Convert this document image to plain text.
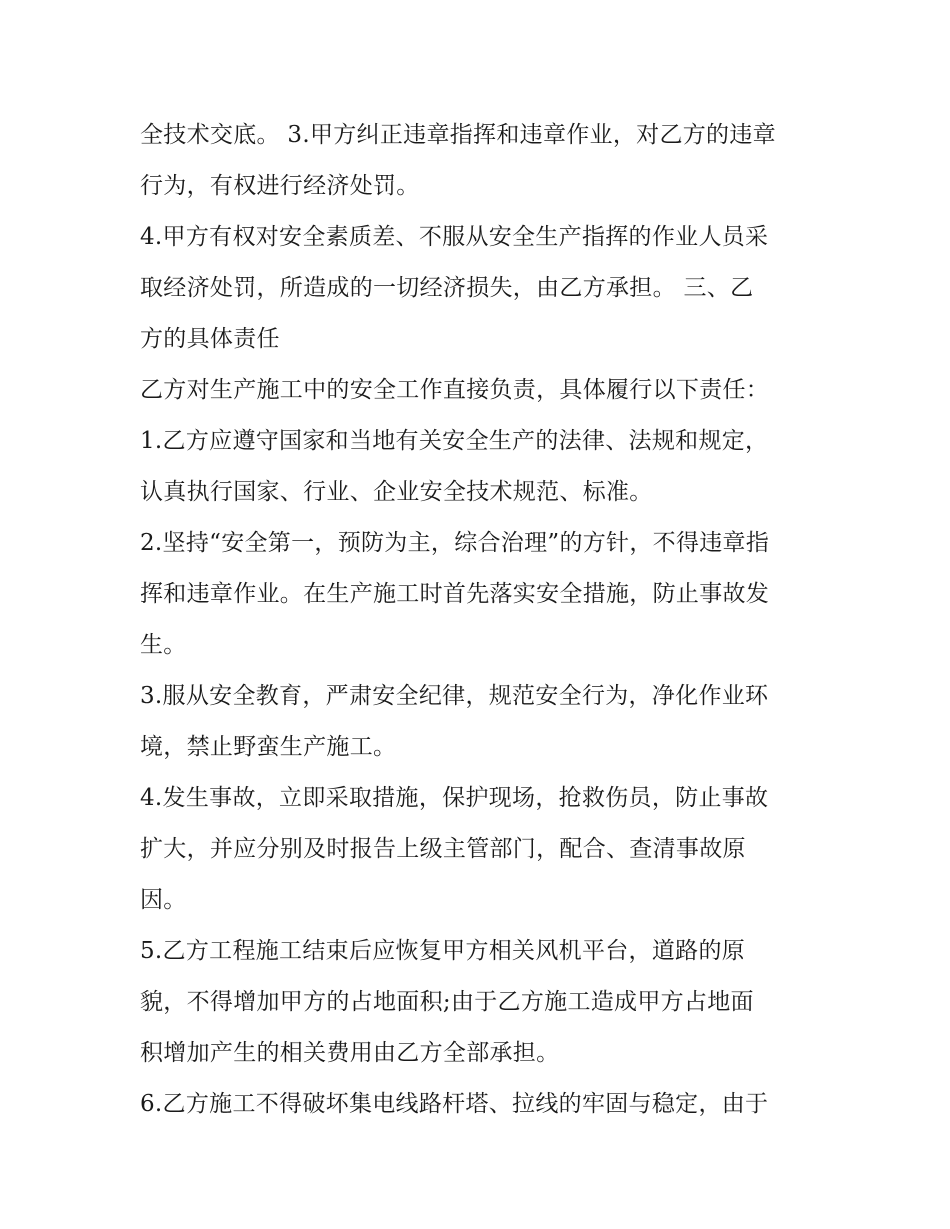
全技术交底。 3.甲方纠正违章指挥和违章作业，对乙方的违章
行为，有权进行经济处罚。
4.甲方有权对安全素质差、不服从安全生产指挥的作业人员采
取经济处罚，所造成的一切经济损失，由乙方承担。 三、乙
方的具体责任
乙方对生产施工中的安全工作直接负责，具体履行以下责任：
1.乙方应遵守国家和当地有关安全生产的法律、法规和规定，
认真执行国家、行业、企业安全技术规范、标准。
2.坚持“安全第一，预防为主，综合治理”的方针，不得违章指
挥和违章作业。在生产施工时首先落实安全措施，防止事故发
生。
3.服从安全教育，严肃安全纪律，规范安全行为，净化作业环
境，禁止野蛮生产施工。
4.发生事故，立即采取措施，保护现场，抢救伤员，防止事故
扩大，并应分别及时报告上级主管部门，配合、查清事故原
因。
5.乙方工程施工结束后应恢复甲方相关风机平台，道路的原
貌，不得增加甲方的占地面积;由于乙方施工造成甲方占地面
积增加产生的相关费用由乙方全部承担。
6.乙方施工不得破坏集电线路杆塔、拉线的牢固与稳定，由于
